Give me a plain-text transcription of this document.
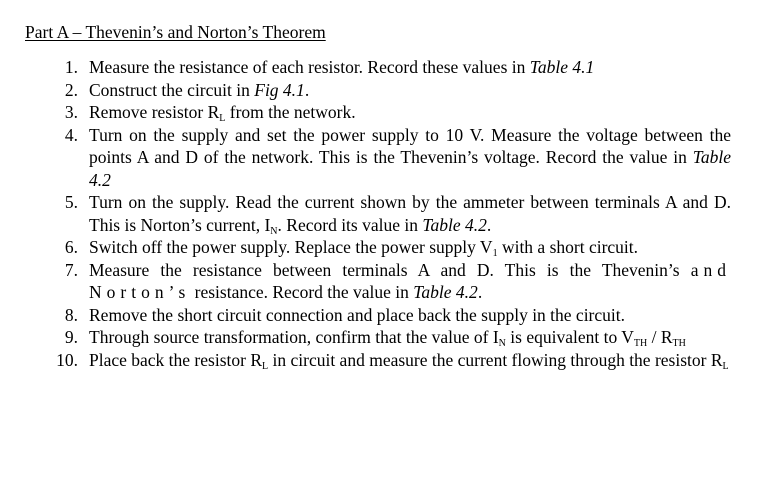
Part A – Thevenin’s and Norton’s Theorem
1. Measure the resistance of each resistor. Record these values in Table 4.1
2. Construct the circuit in Fig 4.1.
3. Remove resistor $R_L$ from the network.
4. Turn on the supply and set the power supply to 10 V. Measure the voltage between the points A and D of the network. This is the Thevenin’s voltage. Record the value in Table 4.2
5. Turn on the supply. Read the current shown by the ammeter between terminals A and D. This is Norton’s current, $I_N$. Record its value in Table 4.2.
6. Switch off the power supply. Replace the power supply $V_1$ with a short circuit.
7. Measure the resistance between terminals A and D. This is the Thevenin’s and Norton’s resistance. Record the value in Table 4.2.
8. Remove the short circuit connection and place back the supply in the circuit.
9. Through source transformation, confirm that the value of $I_N$ is equivalent to $V_{TH} / R_{TH}$
10. Place back the resistor $R_L$ in circuit and measure the current flowing through the resistor $R_L$
